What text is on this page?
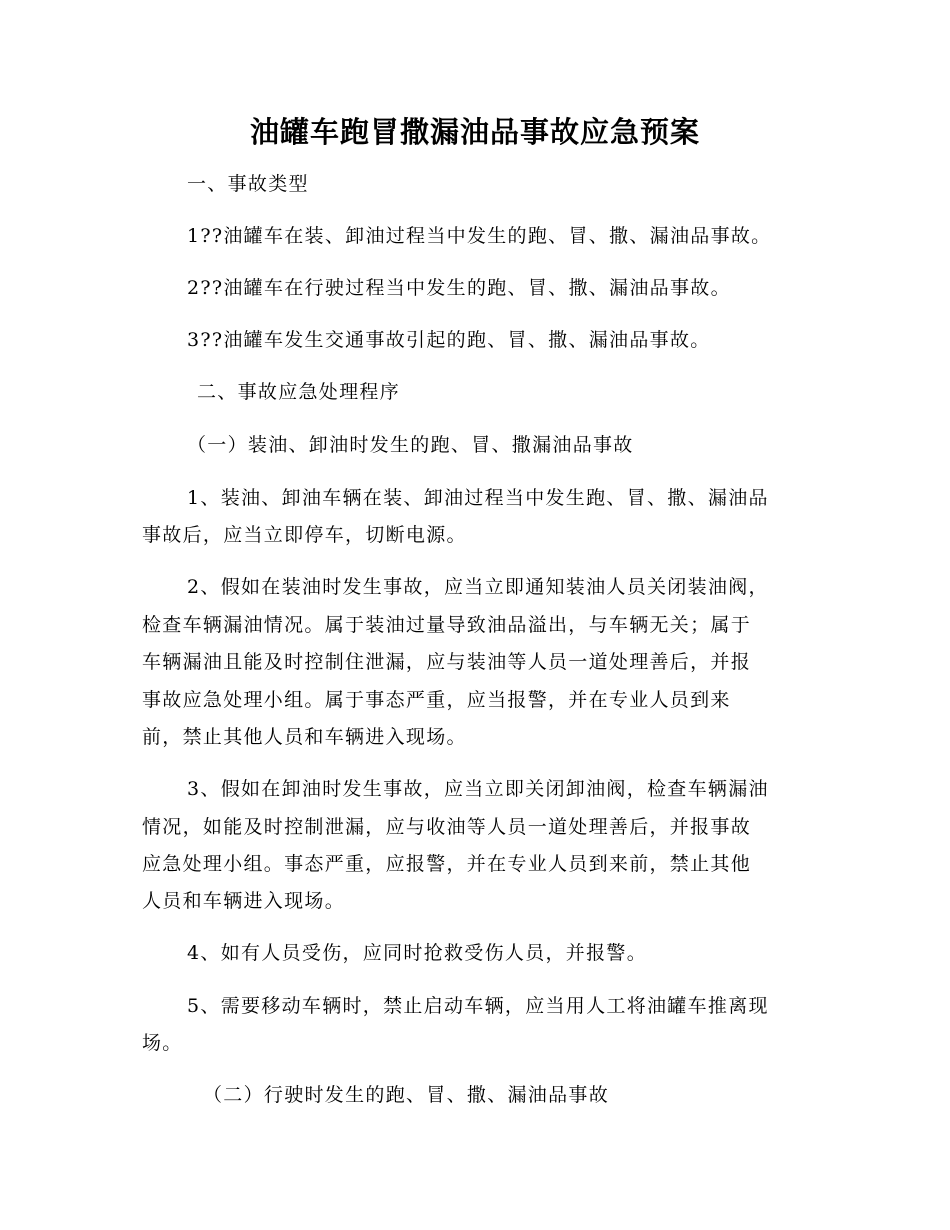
油罐车跑冒撒漏油品事故应急预案
一、事故类型
1??油罐车在装、卸油过程当中发生的跑、冒、撒、漏油品事故。
2??油罐车在行驶过程当中发生的跑、冒、撒、漏油品事故。
3??油罐车发生交通事故引起的跑、冒、撒、漏油品事故。
二、事故应急处理程序
（一）装油、卸油时发生的跑、冒、撒漏油品事故
1、装油、卸油车辆在装、卸油过程当中发生跑、冒、撒、漏油品
事故后，应当立即停车，切断电源。
2、假如在装油时发生事故，应当立即通知装油人员关闭装油阀，
检查车辆漏油情况。属于装油过量导致油品溢出，与车辆无关；属于
车辆漏油且能及时控制住泄漏，应与装油等人员一道处理善后，并报
事故应急处理小组。属于事态严重，应当报警，并在专业人员到来
前，禁止其他人员和车辆进入现场。
3、假如在卸油时发生事故，应当立即关闭卸油阀，检查车辆漏油
情况，如能及时控制泄漏，应与收油等人员一道处理善后，并报事故
应急处理小组。事态严重，应报警，并在专业人员到来前，禁止其他
人员和车辆进入现场。
4、如有人员受伤，应同时抢救受伤人员，并报警。
5、需要移动车辆时，禁止启动车辆，应当用人工将油罐车推离现
场。
（二）行驶时发生的跑、冒、撒、漏油品事故
